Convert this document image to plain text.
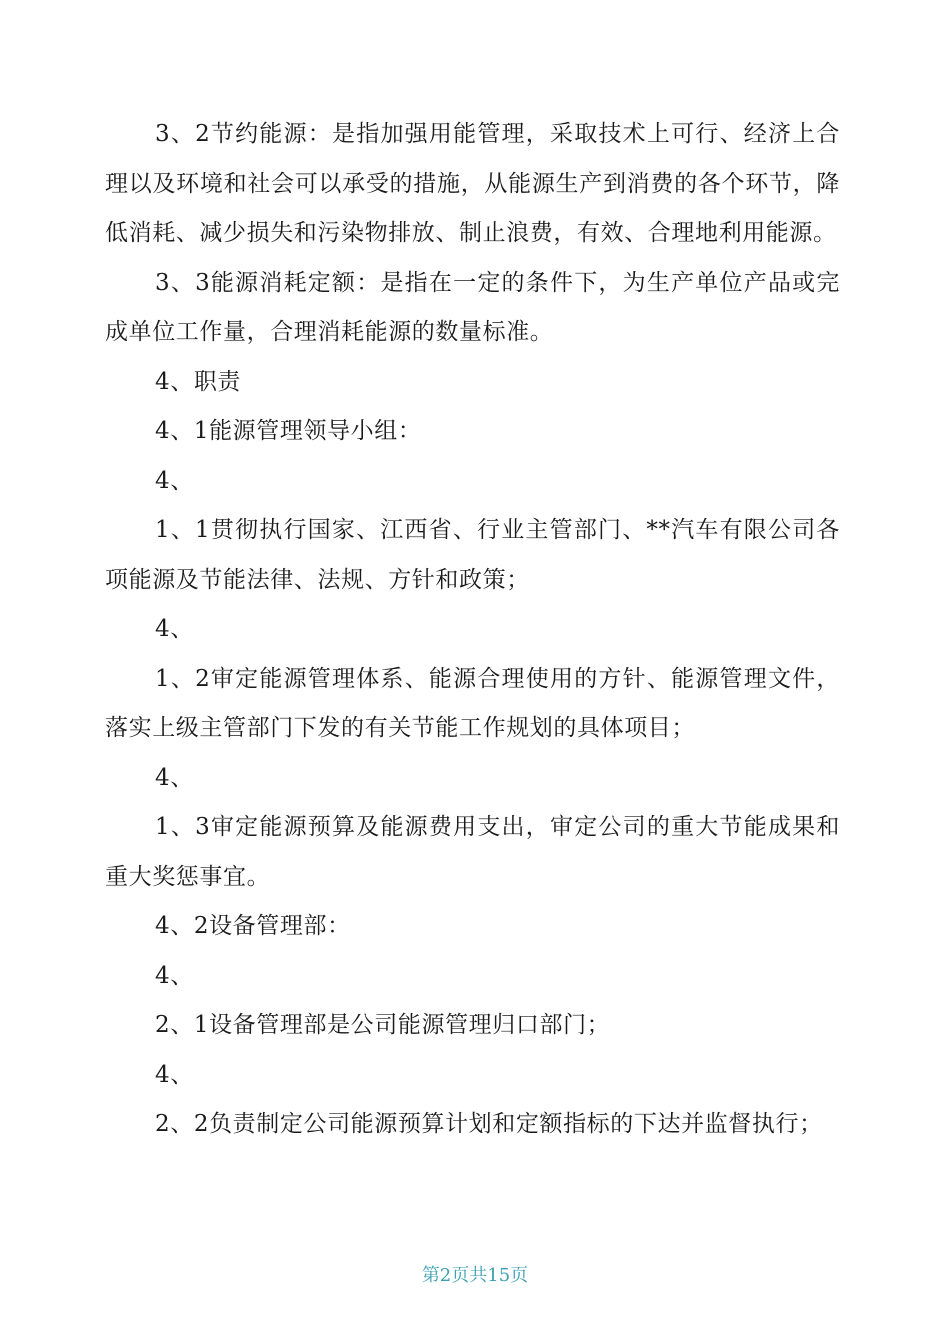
3、2节约能源：是指加强用能管理，采取技术上可行、经济上合理以及环境和社会可以承受的措施，从能源生产到消费的各个环节，降低消耗、减少损失和污染物排放、制止浪费，有效、合理地利用能源。

3、3能源消耗定额：是指在一定的条件下，为生产单位产品或完成单位工作量，合理消耗能源的数量标准。

4、职责

4、1能源管理领导小组：

4、

1、1贯彻执行国家、江西省、行业主管部门、**汽车有限公司各项能源及节能法律、法规、方针和政策；

4、

1、2审定能源管理体系、能源合理使用的方针、能源管理文件，落实上级主管部门下发的有关节能工作规划的具体项目；

4、

1、3审定能源预算及能源费用支出，审定公司的重大节能成果和重大奖惩事宜。

4、2设备管理部：

4、

2、1设备管理部是公司能源管理归口部门；

4、

2、2负责制定公司能源预算计划和定额指标的下达并监督执行；

第2页共15页
